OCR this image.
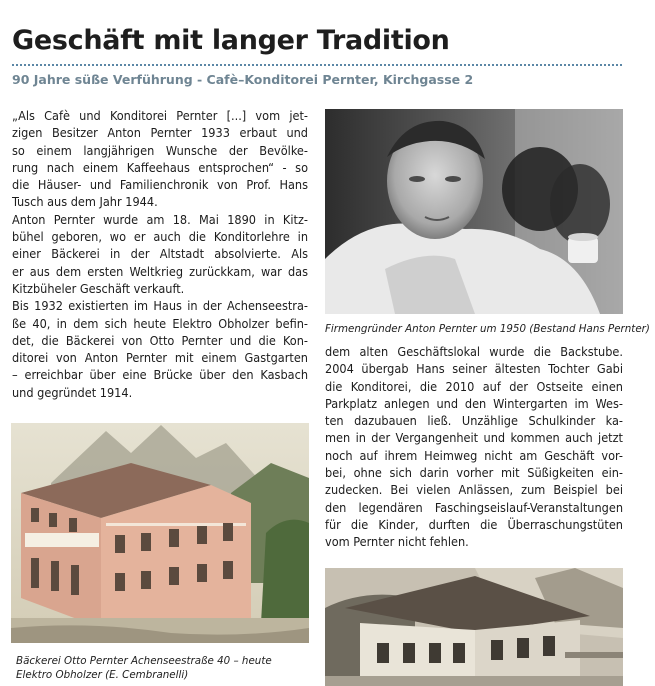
Geschäft mit langer Tradition

90 Jahre süße Verführung - Cafè–Konditorei Pernter, Kirchgasse 2

„Als Cafè und Konditorei Pernter [...] vom jet-
zigen Besitzer Anton Pernter 1933 erbaut und
so einem langjährigen Wunsche der Bevölke-
rung nach einem Kaffeehaus entsprochen“ - so
die Häuser- und Familienchronik von Prof. Hans
Tusch aus dem Jahr 1944.
Anton Pernter wurde am 18. Mai 1890 in Kitz-
bühel geboren, wo er auch die Konditorlehre in
einer Bäckerei in der Altstadt absolvierte. Als
er aus dem ersten Weltkrieg zurückkam, war das
Kitzbüheler Geschäft verkauft.
Bis 1932 existierten im Haus in der Achenseestra-
ße 40, in dem sich heute Elektro Obholzer befin-
det, die Bäckerei von Otto Pernter und die Kon-
ditorei von Anton Pernter mit einem Gastgarten
– erreichbar über eine Brücke über den Kasbach
und gegründet 1914.

Firmengründer Anton Pernter um 1950 (Bestand Hans Pernter)

dem alten Geschäftslokal wurde die Backstube.
2004 übergab Hans seiner ältesten Tochter Gabi
die Konditorei, die 2010 auf der Ostseite einen
Parkplatz anlegen und den Wintergarten im Wes-
ten dazubauen ließ. Unzählige Schulkinder ka-
men in der Vergangenheit und kommen auch jetzt
noch auf ihrem Heimweg nicht am Geschäft vor-
bei, ohne sich darin vorher mit Süßigkeiten ein-
zudecken. Bei vielen Anlässen, zum Beispiel bei
den legendären Faschingseislauf-Veranstaltungen
für die Kinder, durften die Überraschungstüten
vom Pernter nicht fehlen.

Bäckerei Otto Pernter Achenseestraße 40 – heute Elektro Obholzer (E. Cembranelli)
